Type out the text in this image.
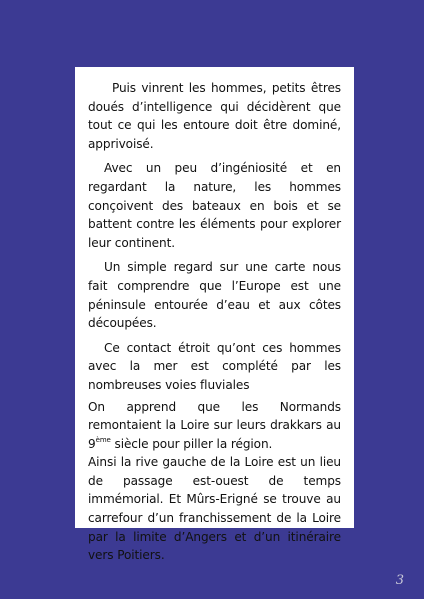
Puis vinrent les hommes, petits êtres doués d’intelligence qui décidèrent que tout ce qui les entoure doit être dominé, apprivoisé.

Avec un peu d’ingéniosité et en regardant la nature, les hommes conçoivent des bateaux en bois et se battent contre les éléments pour explorer leur continent.

Un simple regard sur une carte nous fait comprendre que l’Europe est une péninsule entourée d’eau et aux côtes découpées.

Ce contact étroit qu’ont ces hommes avec la mer est complété par les nombreuses voies fluviales

On apprend que les Normands remontaient la Loire sur leurs drakkars au 9ème siècle pour piller la région.

Ainsi la rive gauche de la Loire est un lieu de passage est-ouest de temps immémorial. Et Mûrs-Erigné se trouve au carrefour d’un franchissement de la Loire par la limite d’Angers et d’un itinéraire vers Poitiers.

3
